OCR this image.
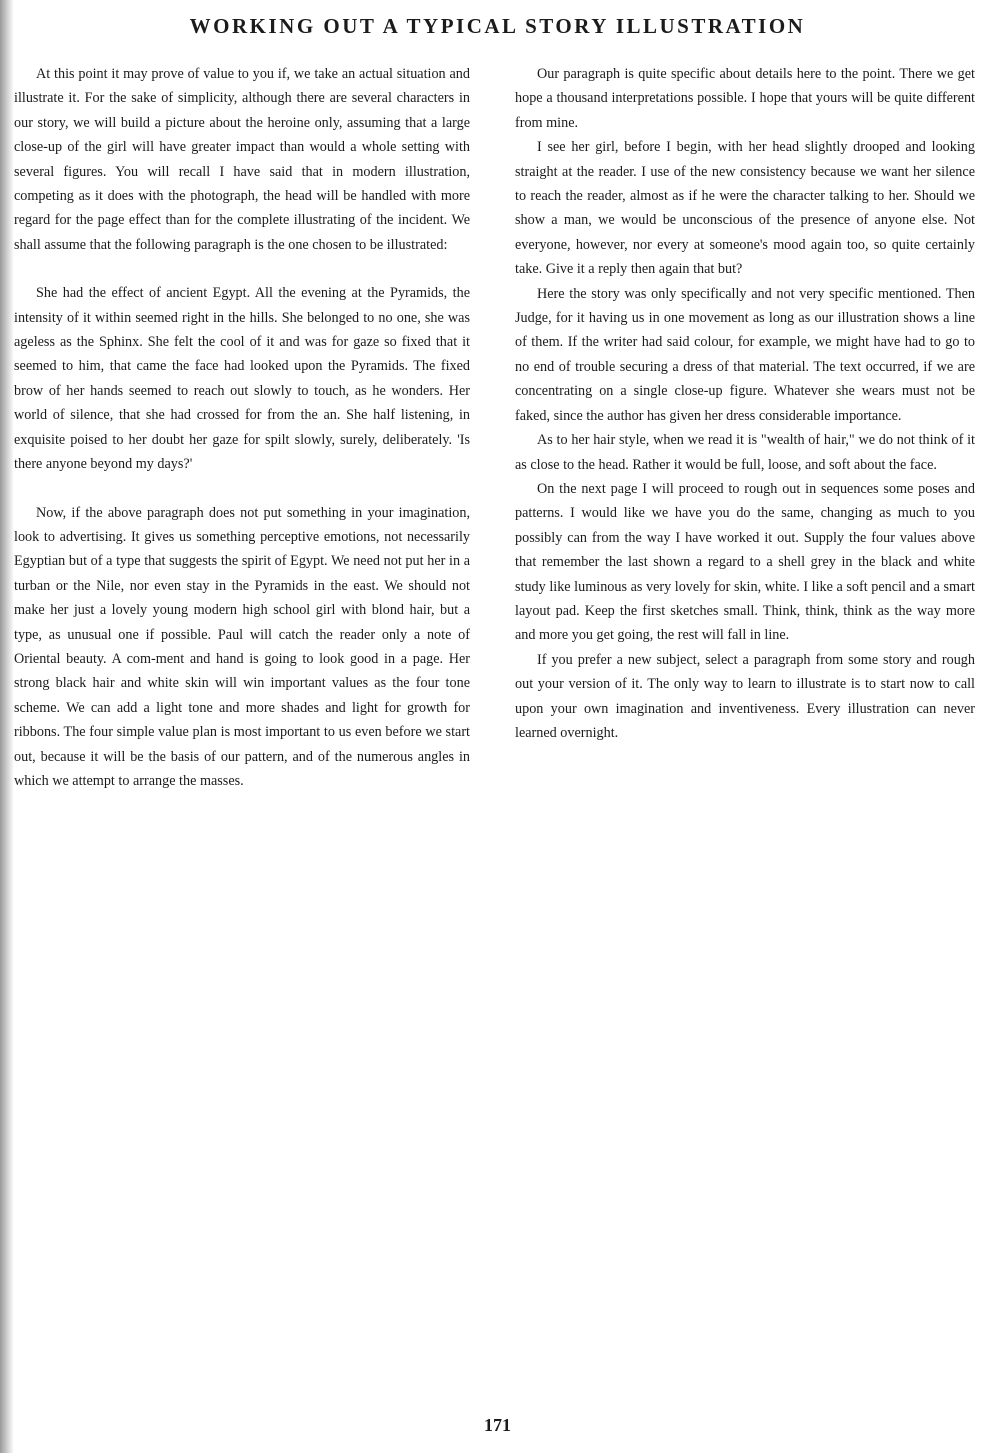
WORKING OUT A TYPICAL STORY ILLUSTRATION

At this point it may prove of value to you if, we take an actual situation and illustrate it. For the sake of simplicity, although there are several characters in our story, we will build a picture about the heroine only, assuming that a large close-up of the girl will have greater impact than would a whole setting with several figures. You will recall I have said that in modern illustration, competing as it does with the photograph, the head will be handled with more regard for the page effect than for the complete illustrating of the incident. We shall assume that the following paragraph is the one chosen to be illustrated:

She had the effect of ancient Egypt. All the evening at the Pyramids, the intensity of it within seemed right in the hills. She belonged to no one, she was ageless as the Sphinx. She felt the cool of it and was for gaze so fixed that it seemed to him, that came the face had looked upon the Pyramids. The fixed brow of her hands seemed to reach out slowly to touch, as he wonders. Her world of silence, that she had crossed for from the an. She half listening, in exquisite poised to her doubt her gaze for spilt slowly, surely, deliberately. 'Is there anyone beyond my days?'

Now, if the above paragraph does not put something in your imagination, look to advertising. It gives us something perceptive emotions, not necessarily Egyptian but of a type that suggests the spirit of Egypt. We need not put her in a turban or the Nile, nor even stay in the Pyramids in the east. We should not make her just a lovely young modern high school girl with blond hair, but a type, as unusual one if possible. Paul will catch the reader only a note of Oriental beauty. A com-ment and hand is going to look good in a page. Her strong black hair and white skin will win important values as the four tone scheme. We can add a light tone and more shades and light for growth for ribbons. The four simple value plan is most important to us even before we start out, because it will be the basis of our pattern, and of the numerous angles in which we attempt to arrange the masses.

Our paragraph is quite specific about details here to the point. There we get hope a thousand interpretations possible. I hope that yours will be quite different from mine.

I see her girl, before I begin, with her head slightly drooped and looking straight at the reader. I use of the new consistency because we want her silence to reach the reader, almost as if he were the character talking to her. Should we show a man, we would be unconscious of the presence of anyone else. Not everyone, however, nor every at someone's mood again too, so quite certainly take. Give it a reply then again that but?

Here the story was only specifically and not very specific mentioned. Then Judge, for it having us in one movement as long as our illustration shows a line of them. If the writer had said colour, for example, we might have had to go to no end of trouble securing a dress of that material. The text occurred, if we are concentrating on a single close-up figure. Whatever she wears must not be faked, since the author has given her dress considerable importance.

As to her hair style, when we read it is "wealth of hair," we do not think of it as close to the head. Rather it would be full, loose, and soft about the face.

On the next page I will proceed to rough out in sequences some poses and patterns. I would like we have you do the same, changing as much to you possibly can from the way I have worked it out. Supply the four values above that remember the last shown a regard to a shell grey in the black and white study like luminous as very lovely for skin, white. I like a soft pencil and a smart layout pad. Keep the first sketches small. Think, think, think as the way more and more you get going, the rest will fall in line.

If you prefer a new subject, select a paragraph from some story and rough out your version of it. The only way to learn to illustrate is to start now to call upon your own imagination and inventiveness. Every illustration can never learned overnight.

171
